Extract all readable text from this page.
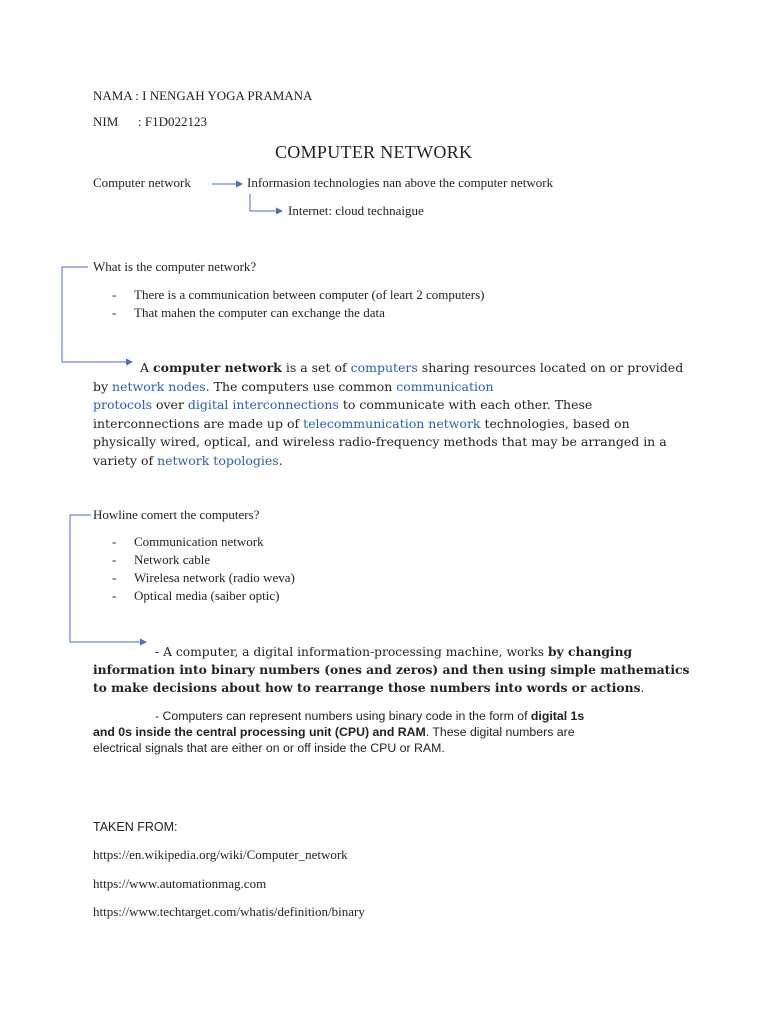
NAMA : I NENGAH YOGA PRAMANA
NIM : F1D022123
COMPUTER NETWORK
Computer network	Informasion technologies nan above the computer network
Internet: cloud technaigue
What is the computer network?
- There is a communication between computer (of leart 2 computers)
- That mahen the computer can exchange the data
A computer network is a set of computers sharing resources located on or provided
by network nodes. The computers use common communication
protocols over digital interconnections to communicate with each other. These
interconnections are made up of telecommunication network technologies, based on
physically wired, optical, and wireless radio-frequency methods that may be arranged in a
variety of network topologies.
Howline comert the computers?
- Communication network
- Network cable
- Wirelesa network (radio weva)
- Optical media (saiber optic)
- A computer, a digital information-processing machine, works by changing
information into binary numbers (ones and zeros) and then using simple mathematics
to make decisions about how to rearrange those numbers into words or actions.
- Computers can represent numbers using binary code in the form of digital 1s
and 0s inside the central processing unit (CPU) and RAM. These digital numbers are
electrical signals that are either on or off inside the CPU or RAM.
TAKEN FROM:
https://en.wikipedia.org/wiki/Computer_network
https://www.automationmag.com
https://www.techtarget.com/whatis/definition/binary
